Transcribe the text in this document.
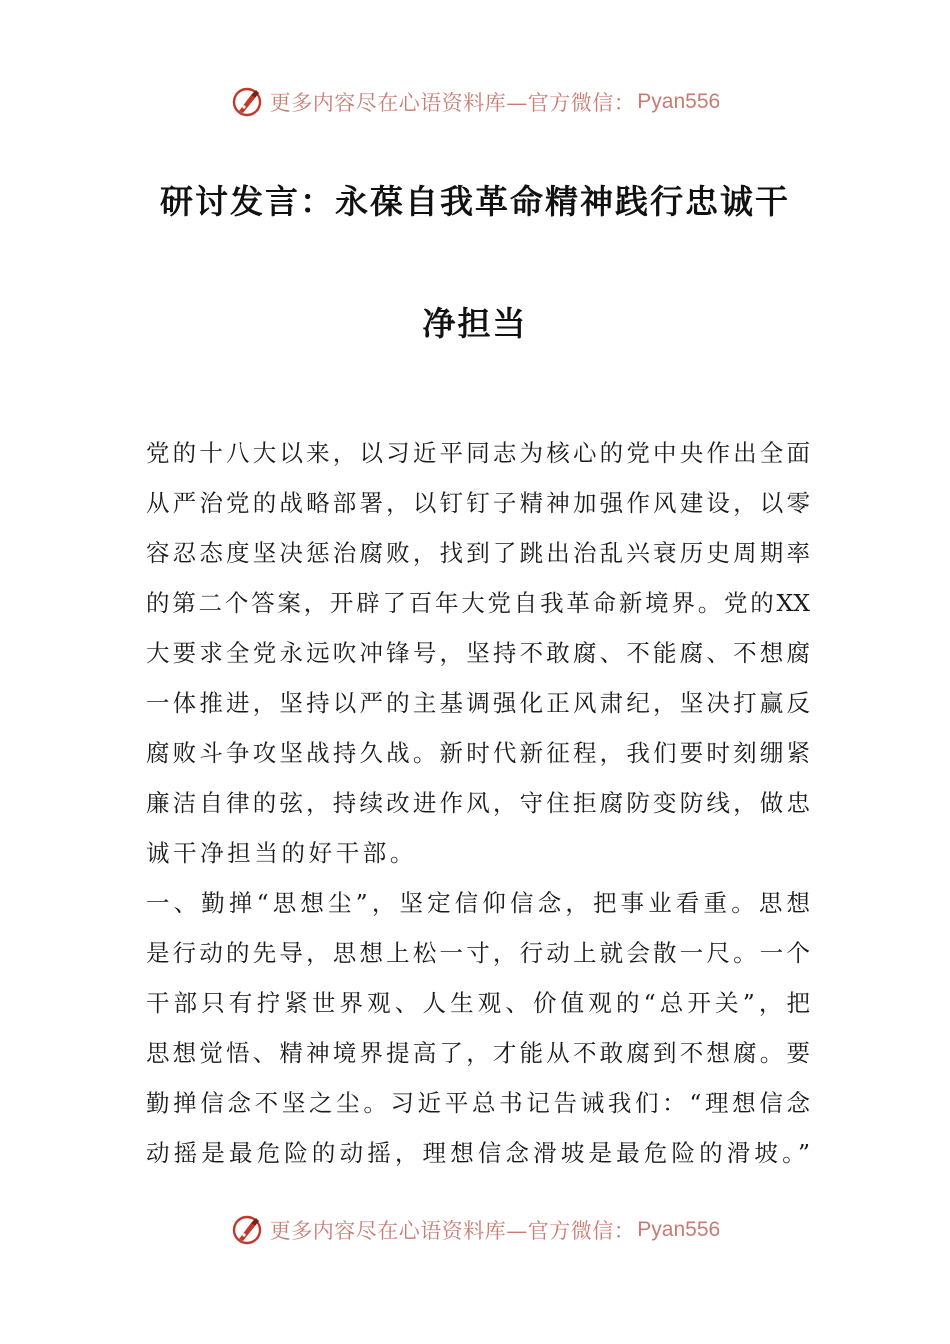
更多内容尽在心语资料库—官方微信： Pyan556
研讨发言：永葆自我革命精神践行忠诚干
净担当
党的十八大以来，以习近平同志为核心的党中央作出全面
从严治党的战略部署，以钉钉子精神加强作风建设，以零
容忍态度坚决惩治腐败，找到了跳出治乱兴衰历史周期率
的第二个答案，开辟了百年大党自我革命新境界。党的XX
大要求全党永远吹冲锋号，坚持不敢腐、不能腐、不想腐
一体推进，坚持以严的主基调强化正风肃纪，坚决打赢反
腐败斗争攻坚战持久战。新时代新征程，我们要时刻绷紧
廉洁自律的弦，持续改进作风，守住拒腐防变防线，做忠
诚干净担当的好干部。
一、勤掸“思想尘”，坚定信仰信念，把事业看重。思想
是行动的先导，思想上松一寸，行动上就会散一尺。一个
干部只有拧紧世界观、人生观、价值观的“总开关”，把
思想觉悟、精神境界提高了，才能从不敢腐到不想腐。要
勤掸信念不坚之尘。习近平总书记告诫我们：“理想信念
动摇是最危险的动摇，理想信念滑坡是最危险的滑坡。”
更多内容尽在心语资料库—官方微信： Pyan556
